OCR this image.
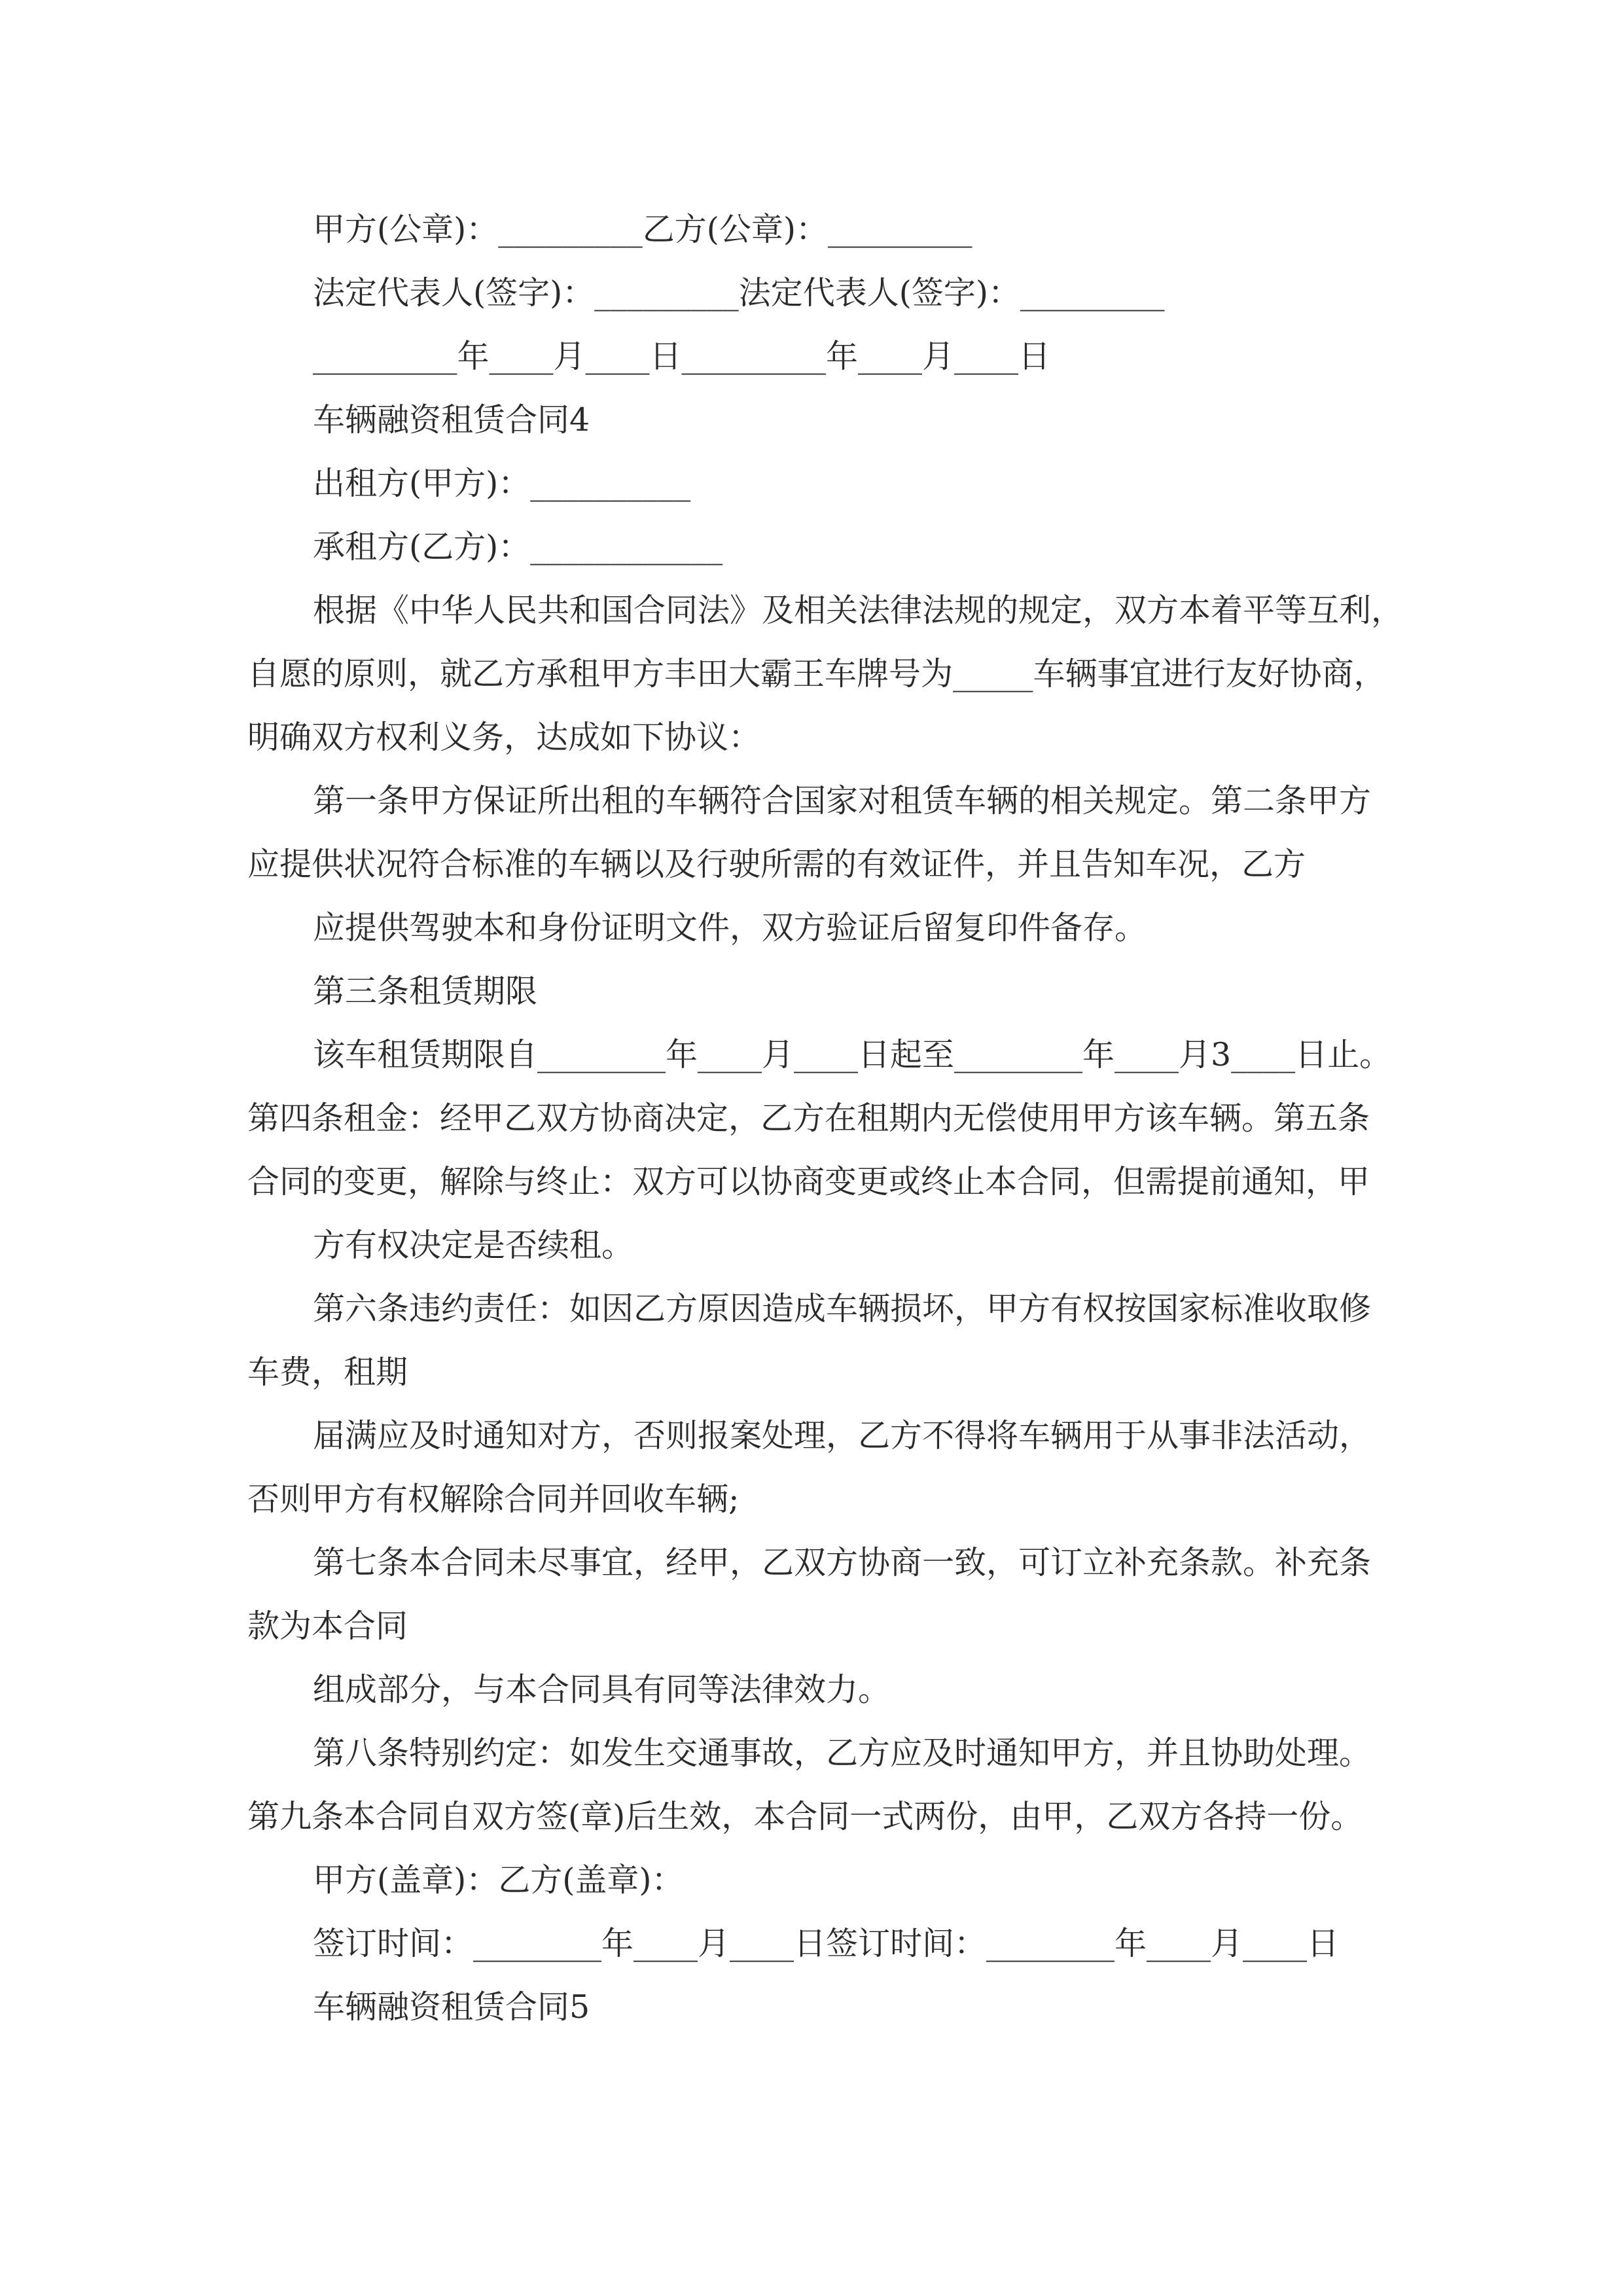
甲方(公章)：_________乙方(公章)：_________

法定代表人(签字)：_________法定代表人(签字)：_________

_________年____月____日_________年____月____日

车辆融资租赁合同4

出租方(甲方)：__________

承租方(乙方)：____________

根据《中华人民共和国合同法》及相关法律法规的规定，双方本着平等互利，

自愿的原则，就乙方承租甲方丰田大霸王车牌号为_____车辆事宜进行友好协商，

明确双方权利义务，达成如下协议：

第一条甲方保证所出租的车辆符合国家对租赁车辆的相关规定。第二条甲方

应提供状况符合标准的车辆以及行驶所需的有效证件，并且告知车况，乙方

应提供驾驶本和身份证明文件，双方验证后留复印件备存。

第三条租赁期限

该车租赁期限自________年____月____日起至________年____月3____日止。

第四条租金：经甲乙双方协商决定，乙方在租期内无偿使用甲方该车辆。第五条

合同的变更，解除与终止：双方可以协商变更或终止本合同，但需提前通知，甲

方有权决定是否续租。

第六条违约责任：如因乙方原因造成车辆损坏，甲方有权按国家标准收取修

车费，租期

届满应及时通知对方，否则报案处理，乙方不得将车辆用于从事非法活动，

否则甲方有权解除合同并回收车辆;

第七条本合同未尽事宜，经甲，乙双方协商一致，可订立补充条款。补充条

款为本合同

组成部分，与本合同具有同等法律效力。

第八条特别约定：如发生交通事故，乙方应及时通知甲方，并且协助处理。

第九条本合同自双方签(章)后生效，本合同一式两份，由甲，乙双方各持一份。

甲方(盖章)：乙方(盖章)：

签订时间：________年____月____日签订时间：________年____月____日

车辆融资租赁合同5
